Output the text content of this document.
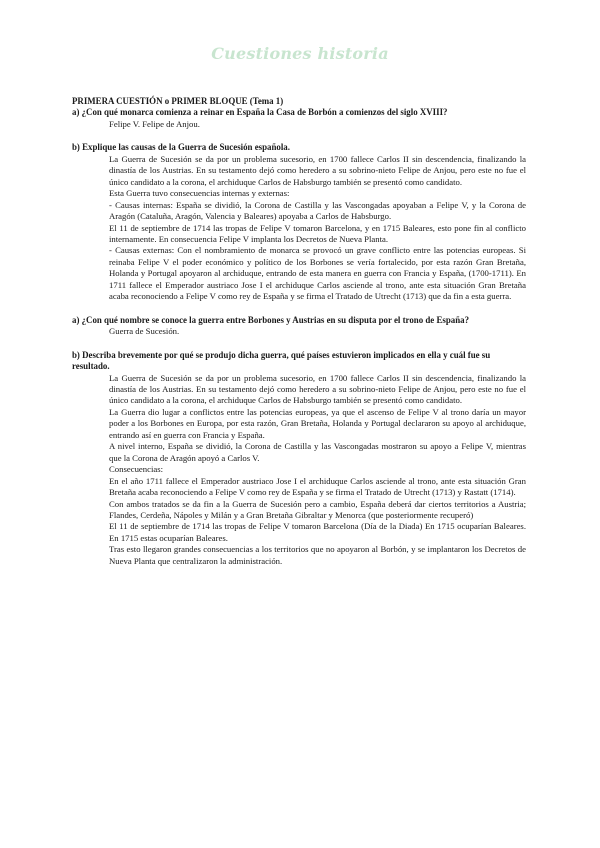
Cuestiones historia

PRIMERA CUESTIÓN o PRIMER BLOQUE (Tema 1)

a) ¿Con qué monarca comienza a reinar en España la Casa de Borbón a comienzos del siglo XVIII?

Felipe V. Felipe de Anjou.

b) Explique las causas de la Guerra de Sucesión española.

La Guerra de Sucesión se da por un problema sucesorio, en 1700 fallece Carlos II sin descendencia, finalizando la dinastía de los Austrias. En su testamento dejó como heredero a su sobrino-nieto Felipe de Anjou, pero este no fue el único candidato a la corona, el archiduque Carlos de Habsburgo también se presentó como candidato.

Esta Guerra tuvo consecuencias internas y externas:

- Causas internas: España se dividió, la Corona de Castilla y las Vascongadas apoyaban a Felipe V, y la Corona de Aragón (Cataluña, Aragón, Valencia y Baleares) apoyaba a Carlos de Habsburgo.

El 11 de septiembre de 1714 las tropas de Felipe V tomaron Barcelona, y en 1715 Baleares, esto pone fin al conflicto internamente. En consecuencia Felipe V implanta los Decretos de Nueva Planta.

- Causas externas: Con el nombramiento de monarca se provocó un grave conflicto entre las potencias europeas. Si reinaba Felipe V el poder económico y político de los Borbones se vería fortalecido, por esta razón Gran Bretaña, Holanda y Portugal apoyaron al archiduque, entrando de esta manera en guerra con Francia y España, (1700-1711). En 1711 fallece el Emperador austriaco Jose I el archiduque Carlos asciende al trono, ante esta situación Gran Bretaña acaba reconociendo a Felipe V como rey de España y se firma el Tratado de Utrecht (1713) que da fin a esta guerra.

a) ¿Con qué nombre se conoce la guerra entre Borbones y Austrias en su disputa por el trono de España?

Guerra de Sucesión.

b) Describa brevemente por qué se produjo dicha guerra, qué países estuvieron implicados en ella y cuál fue su resultado.

La Guerra de Sucesión se da por un problema sucesorio, en 1700 fallece Carlos II sin descendencia, finalizando la dinastía de los Austrias. En su testamento dejó como heredero a su sobrino-nieto Felipe de Anjou, pero este no fue el único candidato a la corona, el archiduque Carlos de Habsburgo también se presentó como candidato.

La Guerra dio lugar a conflictos entre las potencias europeas, ya que el ascenso de Felipe V al trono daría un mayor poder a los Borbones en Europa, por esta razón, Gran Bretaña, Holanda y Portugal declararon su apoyo al archiduque, entrando así en guerra con Francia y España.

A nivel interno, España se dividió, la Corona de Castilla y las Vascongadas mostraron su apoyo a Felipe V, mientras que la Corona de Aragón apoyó a Carlos V.

Consecuencias:

En el año 1711 fallece el Emperador austriaco Jose I el archiduque Carlos asciende al trono, ante esta situación Gran Bretaña acaba reconociendo a Felipe V como rey de España y se firma el Tratado de Utrecht (1713) y Rastatt (1714).

Con ambos tratados se da fin a la Guerra de Sucesión pero a cambio, España deberá dar ciertos territorios a Austria; Flandes, Cerdeña, Nápoles y Milán y a Gran Bretaña Gibraltar y Menorca (que posteriormente recuperó)

El 11 de septiembre de 1714 las tropas de Felipe V tomaron Barcelona (Día de la Diada) En 1715 ocuparían Baleares. En 1715 estas ocuparían Baleares.

Tras esto llegaron grandes consecuencias a los territorios que no apoyaron al Borbón, y se implantaron los Decretos de Nueva Planta que centralizaron la administración.
